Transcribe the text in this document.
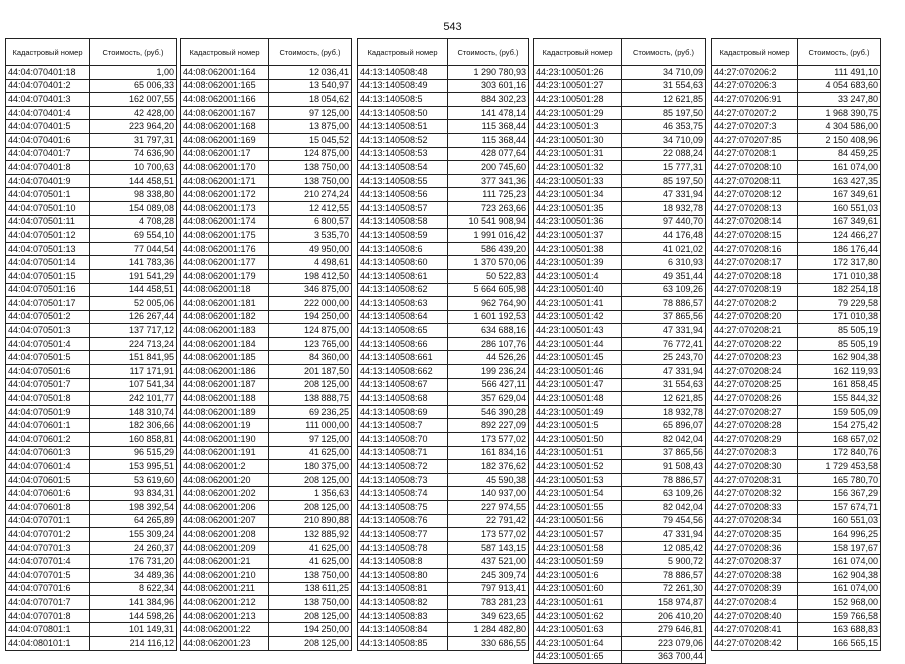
543
Кадастровый номер	Стоимость, (руб.)
44:04:070401:18	1,00
44:04:070401:2	65 006,33
44:04:070401:3	162 007,55
44:04:070401:4	42 428,00
44:04:070401:5	223 964,20
44:04:070401:6	31 797,31
44:04:070401:7	74 636,90
44:04:070401:8	10 700,63
44:04:070401:9	144 458,51
44:04:070501:1	98 338,80
44:04:070501:10	154 089,08
44:04:070501:11	4 708,28
44:04:070501:12	69 554,10
44:04:070501:13	77 044,54
44:04:070501:14	141 783,36
44:04:070501:15	191 541,29
44:04:070501:16	144 458,51
44:04:070501:17	52 005,06
44:04:070501:2	126 267,44
44:04:070501:3	137 717,12
44:04:070501:4	224 713,24
44:04:070501:5	151 841,95
44:04:070501:6	117 171,91
44:04:070501:7	107 541,34
44:04:070501:8	242 101,77
44:04:070501:9	148 310,74
44:04:070601:1	182 306,66
44:04:070601:2	160 858,81
44:04:070601:3	96 515,29
44:04:070601:4	153 995,51
44:04:070601:5	53 619,60
44:04:070601:6	93 834,31
44:04:070601:8	198 392,54
44:04:070701:1	64 265,89
44:04:070701:2	155 309,24
44:04:070701:3	24 260,37
44:04:070701:4	176 731,20
44:04:070701:5	34 489,36
44:04:070701:6	8 622,34
44:04:070701:7	141 384,96
44:04:070701:8	144 598,26
44:04:070801:1	101 149,31
44:04:080101:1	214 116,12
Кадастровый номер	Стоимость, (руб.)
44:08:062001:164	12 036,41
44:08:062001:165	13 540,97
44:08:062001:166	18 054,62
44:08:062001:167	97 125,00
44:08:062001:168	13 875,00
44:08:062001:169	15 045,52
44:08:062001:17	124 875,00
44:08:062001:170	138 750,00
44:08:062001:171	138 750,00
44:08:062001:172	210 274,24
44:08:062001:173	12 412,55
44:08:062001:174	6 800,57
44:08:062001:175	3 535,70
44:08:062001:176	49 950,00
44:08:062001:177	4 498,61
44:08:062001:179	198 412,50
44:08:062001:18	346 875,00
44:08:062001:181	222 000,00
44:08:062001:182	194 250,00
44:08:062001:183	124 875,00
44:08:062001:184	123 765,00
44:08:062001:185	84 360,00
44:08:062001:186	201 187,50
44:08:062001:187	208 125,00
44:08:062001:188	138 888,75
44:08:062001:189	69 236,25
44:08:062001:19	111 000,00
44:08:062001:190	97 125,00
44:08:062001:191	41 625,00
44:08:062001:2	180 375,00
44:08:062001:20	208 125,00
44:08:062001:202	1 356,63
44:08:062001:206	208 125,00
44:08:062001:207	210 890,88
44:08:062001:208	132 885,92
44:08:062001:209	41 625,00
44:08:062001:21	41 625,00
44:08:062001:210	138 750,00
44:08:062001:211	138 611,25
44:08:062001:212	138 750,00
44:08:062001:213	208 125,00
44:08:062001:22	194 250,00
44:08:062001:23	208 125,00
Кадастровый номер	Стоимость, (руб.)
44:13:140508:48	1 290 780,93
44:13:140508:49	303 601,16
44:13:140508:5	884 302,23
44:13:140508:50	141 478,14
44:13:140508:51	115 368,44
44:13:140508:52	115 368,44
44:13:140508:53	428 077,64
44:13:140508:54	200 745,60
44:13:140508:55	377 341,36
44:13:140508:56	111 725,23
44:13:140508:57	723 263,66
44:13:140508:58	10 541 908,94
44:13:140508:59	1 991 016,42
44:13:140508:6	586 439,20
44:13:140508:60	1 370 570,06
44:13:140508:61	50 522,83
44:13:140508:62	5 664 605,98
44:13:140508:63	962 764,90
44:13:140508:64	1 601 192,53
44:13:140508:65	634 688,16
44:13:140508:66	286 107,76
44:13:140508:661	44 526,26
44:13:140508:662	199 236,24
44:13:140508:67	566 427,11
44:13:140508:68	357 629,04
44:13:140508:69	546 390,28
44:13:140508:7	892 227,09
44:13:140508:70	173 577,02
44:13:140508:71	161 834,16
44:13:140508:72	182 376,62
44:13:140508:73	45 590,38
44:13:140508:74	140 937,00
44:13:140508:75	227 974,55
44:13:140508:76	22 791,42
44:13:140508:77	173 577,02
44:13:140508:78	587 143,15
44:13:140508:8	437 521,00
44:13:140508:80	245 309,74
44:13:140508:81	797 913,41
44:13:140508:82	783 281,23
44:13:140508:83	349 623,65
44:13:140508:84	1 284 482,80
44:13:140508:85	330 686,55
Кадастровый номер	Стоимость, (руб.)
44:23:100501:26	34 710,09
44:23:100501:27	31 554,63
44:23:100501:28	12 621,85
44:23:100501:29	85 197,50
44:23:100501:3	46 353,75
44:23:100501:30	34 710,09
44:23:100501:31	22 088,24
44:23:100501:32	15 777,31
44:23:100501:33	85 197,50
44:23:100501:34	47 331,94
44:23:100501:35	18 932,78
44:23:100501:36	97 440,70
44:23:100501:37	44 176,48
44:23:100501:38	41 021,02
44:23:100501:39	6 310,93
44:23:100501:4	49 351,44
44:23:100501:40	63 109,26
44:23:100501:41	78 886,57
44:23:100501:42	37 865,56
44:23:100501:43	47 331,94
44:23:100501:44	76 772,41
44:23:100501:45	25 243,70
44:23:100501:46	47 331,94
44:23:100501:47	31 554,63
44:23:100501:48	12 621,85
44:23:100501:49	18 932,78
44:23:100501:5	65 896,07
44:23:100501:50	82 042,04
44:23:100501:51	37 865,56
44:23:100501:52	91 508,43
44:23:100501:53	78 886,57
44:23:100501:54	63 109,26
44:23:100501:55	82 042,04
44:23:100501:56	79 454,56
44:23:100501:57	47 331,94
44:23:100501:58	12 085,42
44:23:100501:59	5 900,72
44:23:100501:6	78 886,57
44:23:100501:60	72 261,30
44:23:100501:61	158 974,87
44:23:100501:62	206 410,20
44:23:100501:63	279 646,81
44:23:100501:64	223 079,06
44:23:100501:65	363 700,44
Кадастровый номер	Стоимость, (руб.)
44:27:070206:2	111 491,10
44:27:070206:3	4 054 683,60
44:27:070206:91	33 247,80
44:27:070207:2	1 968 390,75
44:27:070207:3	4 304 586,00
44:27:070207:85	2 150 408,96
44:27:070208:1	84 459,25
44:27:070208:10	161 074,00
44:27:070208:11	163 427,35
44:27:070208:12	167 349,61
44:27:070208:13	160 551,03
44:27:070208:14	167 349,61
44:27:070208:15	124 466,27
44:27:070208:16	186 176,44
44:27:070208:17	172 317,80
44:27:070208:18	171 010,38
44:27:070208:19	182 254,18
44:27:070208:2	79 229,58
44:27:070208:20	171 010,38
44:27:070208:21	85 505,19
44:27:070208:22	85 505,19
44:27:070208:23	162 904,38
44:27:070208:24	162 119,93
44:27:070208:25	161 858,45
44:27:070208:26	155 844,32
44:27:070208:27	159 505,09
44:27:070208:28	154 275,42
44:27:070208:29	168 657,02
44:27:070208:3	172 840,76
44:27:070208:30	1 729 453,58
44:27:070208:31	165 780,70
44:27:070208:32	156 367,29
44:27:070208:33	157 674,71
44:27:070208:34	160 551,03
44:27:070208:35	164 996,25
44:27:070208:36	158 197,67
44:27:070208:37	161 074,00
44:27:070208:38	162 904,38
44:27:070208:39	161 074,00
44:27:070208:4	152 968,00
44:27:070208:40	159 766,58
44:27:070208:41	163 688,83
44:27:070208:42	166 565,15
